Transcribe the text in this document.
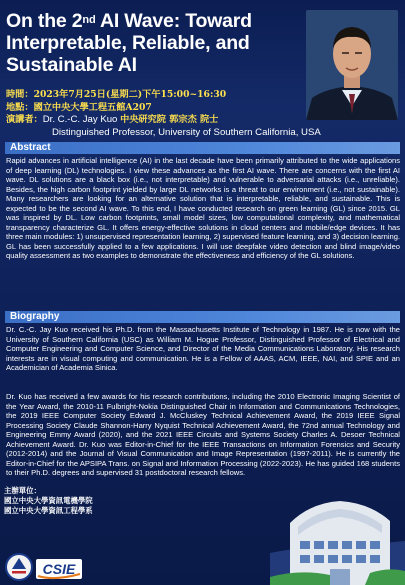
On the 2nd AI Wave: Toward
Interpretable, Reliable, and
Sustainable AI
時間：2023年7月25日(星期二)下午15:00~16:30
地點：國立中央大學工程五館A207
演講者：Dr. C.-C. Jay Kuo 中央研究院 郭宗杰 院士
Distinguished Professor, University of Southern California, USA
Abstract
Rapid advances in artificial intelligence (AI) in the last decade have been primarily attributed to the wide applications of deep learning (DL) technologies. I view these advances as the first AI wave. There are concerns with the first AI wave. DL solutions are a black box (i.e., not interpretable) and vulnerable to adversarial attacks (i.e., unreliable). Besides, the high carbon footprint yielded by large DL networks is a threat to our environment (i.e., not sustainable). Many researchers are looking for an alternative solution that is interpretable, reliable, and sustainable. This is expected to be the second AI wave. To this end, I have conducted research on green learning (GL) since 2015. GL was inspired by DL. Low carbon footprints, small model sizes, low computational complexity, and mathematical transparency characterize GL. It offers energy-effective solutions in cloud centers and mobile/edge devices. It has three main modules: 1) unsupervised representation learning, 2) supervised feature learning, and 3) decision learning. GL has been successfully applied to a few applications. I will use deepfake video detection and blind image/video quality assessment as two examples to demonstrate the effectiveness and efficiency of the GL solutions.
Biography
Dr. C.-C. Jay Kuo received his Ph.D. from the Massachusetts Institute of Technology in 1987. He is now with the University of Southern California (USC) as William M. Hogue Professor, Distinguished Professor of Electrical and Computer Engineering and Computer Science, and Director of the Media Communications Laboratory. His research interests are in visual computing and communication. He is a Fellow of AAAS, ACM, IEEE, NAI, and SPIE and an Academician of Academia Sinica.
Dr. Kuo has received a few awards for his research contributions, including the 2010 Electronic Imaging Scientist of the Year Award, the 2010-11 Fulbright-Nokia Distinguished Chair in Information and Communications Technologies, the 2019 IEEE Computer Society Edward J. McCluskey Technical Achievement Award, the 2019 IEEE Signal Processing Society Claude Shannon-Harry Nyquist Technical Achievement Award, the 72nd annual Technology and Engineering Emmy Award (2020), and the 2021 IEEE Circuits and Systems Society Charles A. Desoer Technical Achievement Award. Dr. Kuo was Editor-in-Chief for the IEEE Transactions on Information Forensics and Security (2012-2014) and the Journal of Visual Communication and Image Representation (1997-2011). He is currently the Editor-in-Chief for the APSIPA Trans. on Signal and Information Processing (2022-2023). He has guided 168 students to their Ph.D. degrees and supervised 31 postdoctoral research fellows.
主辦單位：
國立中央大學資訊電機學院
國立中央大學資訊工程學系
CSIE
